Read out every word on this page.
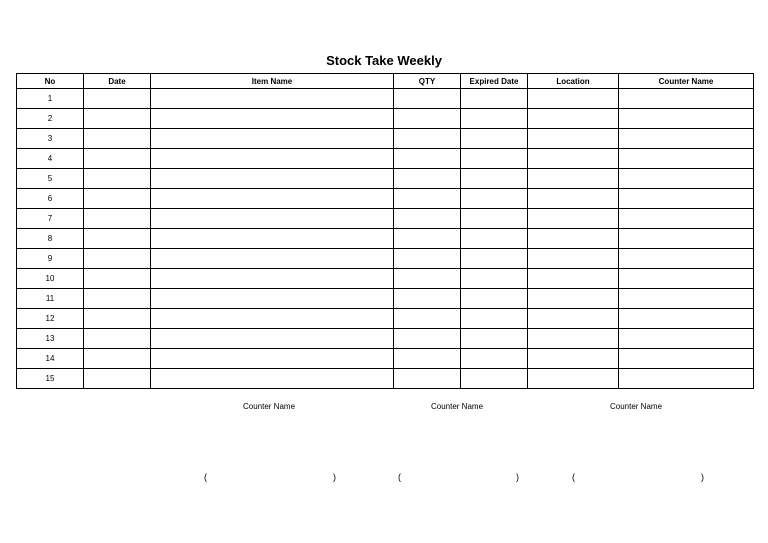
Stock Take Weekly
No	Date	Item Name	QTY	Expired Date	Location	Counter Name
1						
2						
3						
4						
5						
6						
7						
8						
9						
10						
11						
12						
13						
14						
15						
Counter Name	Counter Name	Counter Name
(	)	(	)	(	)
